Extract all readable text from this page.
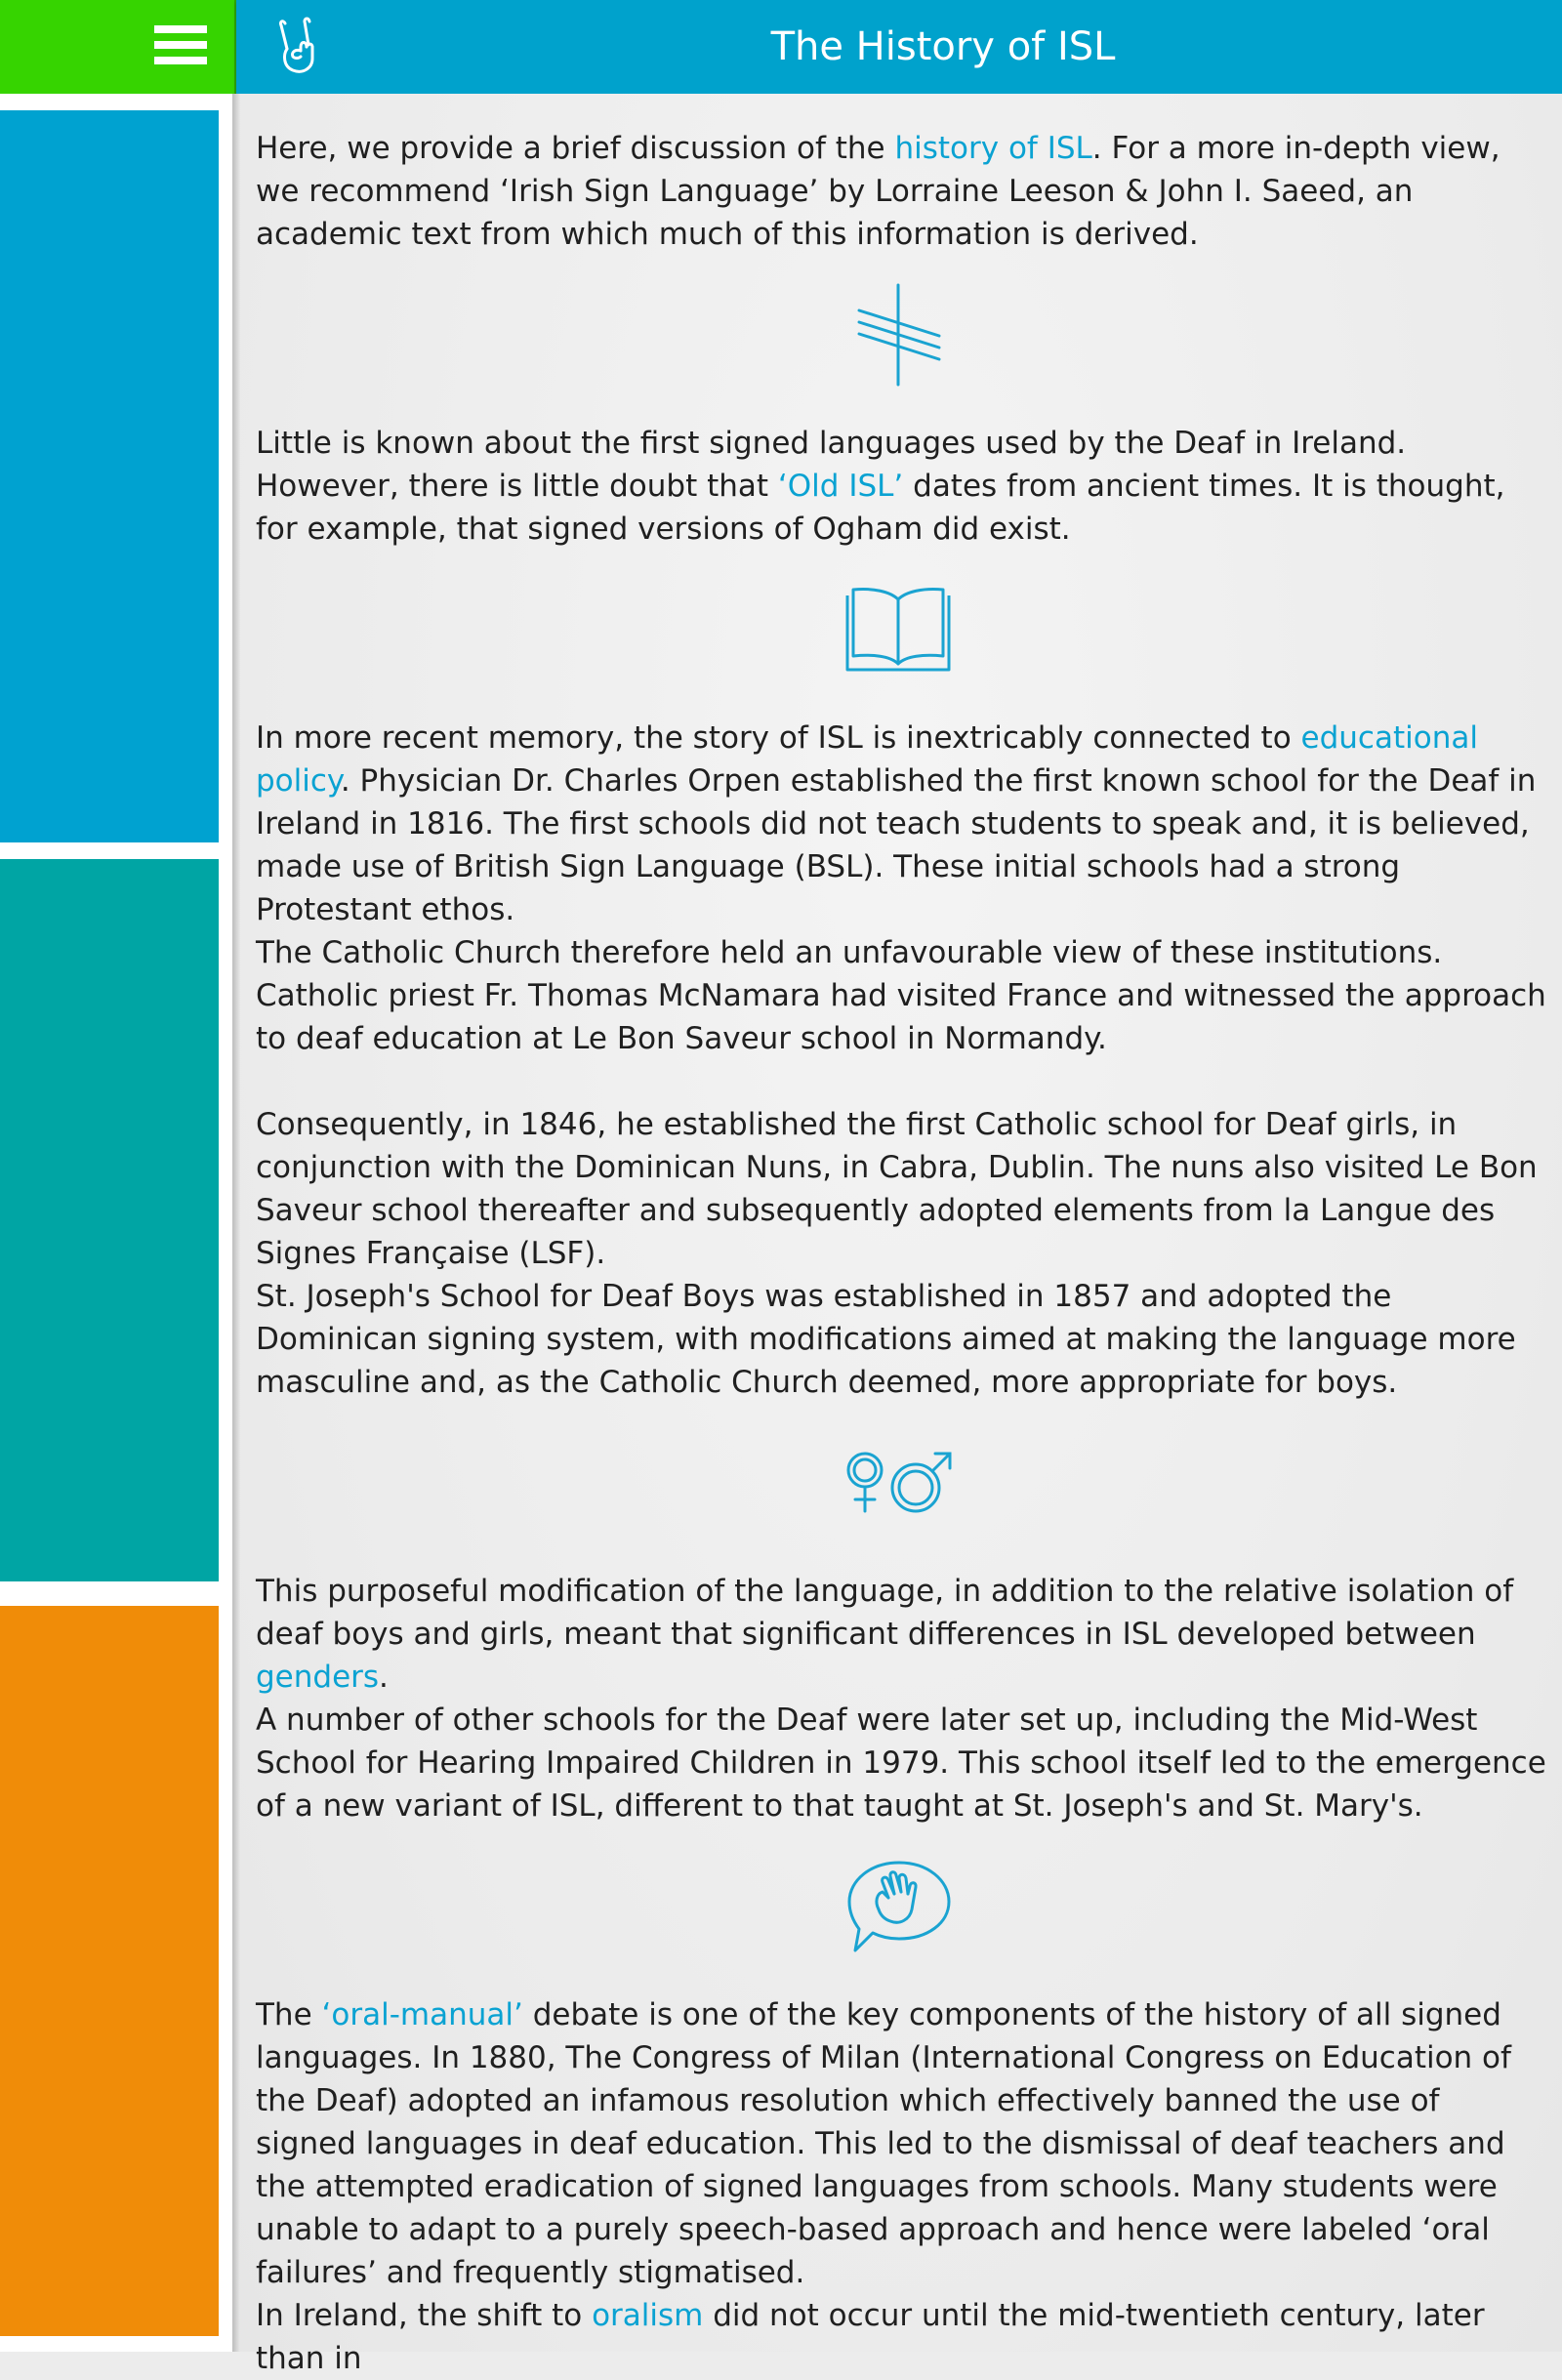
The History of ISL

Here, we provide a brief discussion of the history of ISL. For a more in-depth view, we recommend ‘Irish Sign Language’ by Lorraine Leeson & John I. Saeed, an academic text from which much of this information is derived.

Little is known about the first signed languages used by the Deaf in Ireland. However, there is little doubt that ‘Old ISL’ dates from ancient times. It is thought, for example, that signed versions of Ogham did exist.

In more recent memory, the story of ISL is inextricably connected to educational policy. Physician Dr. Charles Orpen established the first known school for the Deaf in Ireland in 1816. The first schools did not teach students to speak and, it is believed, made use of British Sign Language (BSL). These initial schools had a strong Protestant ethos.

The Catholic Church therefore held an unfavourable view of these institutions. Catholic priest Fr. Thomas McNamara had visited France and witnessed the approach to deaf education at Le Bon Saveur school in Normandy.

Consequently, in 1846, he established the first Catholic school for Deaf girls, in conjunction with the Dominican Nuns, in Cabra, Dublin. The nuns also visited Le Bon Saveur school thereafter and subsequently adopted elements from la Langue des Signes Française (LSF).

St. Joseph's School for Deaf Boys was established in 1857 and adopted the Dominican signing system, with modifications aimed at making the language more masculine and, as the Catholic Church deemed, more appropriate for boys.

This purposeful modification of the language, in addition to the relative isolation of deaf boys and girls, meant that significant differences in ISL developed between genders.

A number of other schools for the Deaf were later set up, including the Mid-West School for Hearing Impaired Children in 1979. This school itself led to the emergence of a new variant of ISL, different to that taught at St. Joseph's and St. Mary's.

The ‘oral-manual’ debate is one of the key components of the history of all signed languages. In 1880, The Congress of Milan (International Congress on Education of the Deaf) adopted an infamous resolution which effectively banned the use of signed languages in deaf education. This led to the dismissal of deaf teachers and the attempted eradication of signed languages from schools. Many students were unable to adapt to a purely speech-based approach and hence were labeled ‘oral failures’ and frequently stigmatised.

In Ireland, the shift to oralism did not occur until the mid-twentieth century, later than in
